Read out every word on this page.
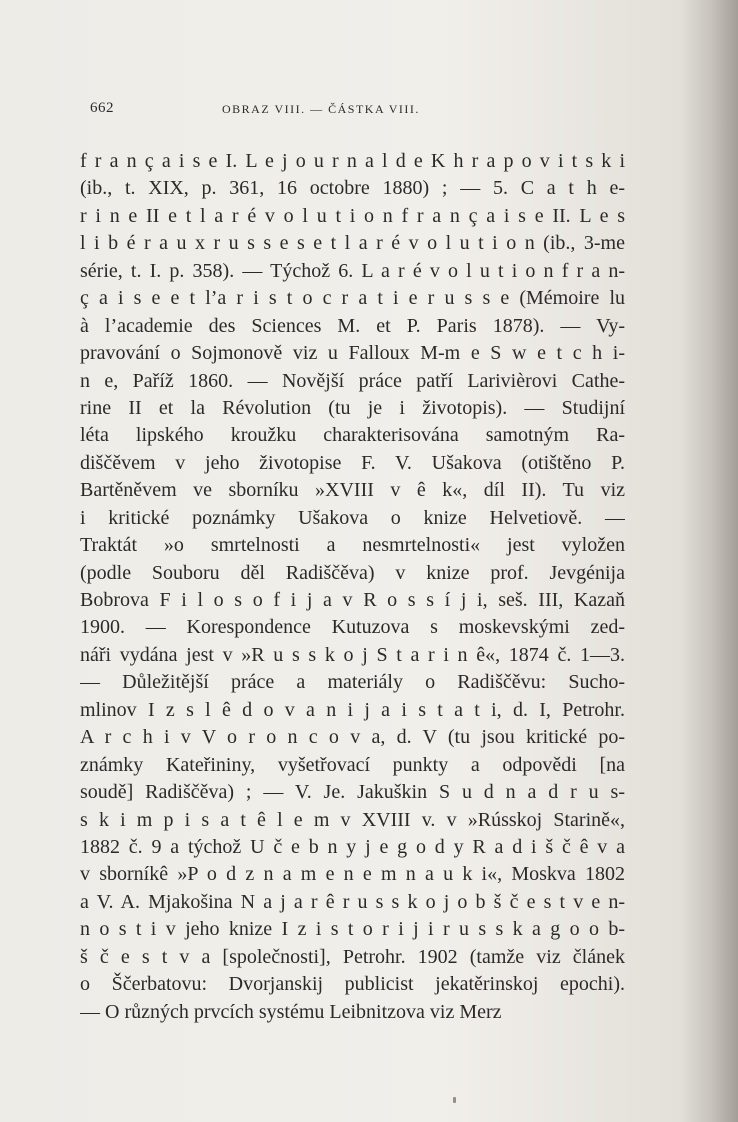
662	OBRAZ VIII. — ČÁSTKA VIII.
f r a n ç a i s e I. L e j o u r n a l d e K h r a p o v i t s k i
(ib., t. XIX, p. 361, 16 octobre 1880) ; — 5. C a t h e-
r i n e II e t l a r é v o l u t i o n f r a n ç a i s e II. L e s
l i b é r a u x r u s s e s e t l a r é v o l u t i o n (ib., 3-me
série, t. I. p. 358). — Týchož 6. L a r é v o l u t i o n f r a n-
ç a i s e e t l’a r i s t o c r a t i e r u s s e (Mémoire lu
à l’academie des Sciences M. et P. Paris 1878). — Vy-
pravování o Sojmonově viz u Falloux M-m e S w e t c h i-
n e, Paříž 1860. — Novější práce patří Larivièrovi Cathe-
rine II et la Révolution (tu je i životopis). — Studijní
léta lipského kroužku charakterisována samotným Ra-
diščěvem v jeho životopise F. V. Ušakova (otištěno P.
Bartěněvem ve sborníku »XVIII v ê k«, díl II). Tu viz
i kritické poznámky Ušakova o knize Helvetiově. —
Traktát »o smrtelnosti a nesmrtelnosti« jest vyložen
(podle Souboru děl Radiščěva) v knize prof. Jevgénija
Bobrova F i l o s o f i j a v R o s s í j i, seš. III, Kazaň
1900. — Korespondence Kutuzova s moskevskými zed-
náři vydána jest v »R u s s k o j S t a r i n ê«, 1874 č. 1—3.
— Důležitější práce a materiály o Radiščěvu: Sucho-
mlinov I z s l ê d o v a n i j a i s t a t i, d. I, Petrohr.
A r c h i v V o r o n c o v a, d. V (tu jsou kritické po-
známky Kateřininy, vyšetřovací punkty a odpovědi [na
soudě] Radiščěva) ; — V. Je. Jakuškin S u d n a d r u s-
s k i m p i s a t ê l e m v XVIII v. v »Rússkoj Starině«,
1882 č. 9 a týchož U č e b n y j e g o d y R a d i š č ê v a
v sborníkê »P o d z n a m e n e m n a u k i«, Moskva 1802
a V. A. Mjakošina N a j a r ê r u s s k o j o b š č e s t v e n-
n o s t i v jeho knize I z i s t o r i j i r u s s k a g o o b-
š č e s t v a [společnosti], Petrohr. 1902 (tamže viz článek
o Ščerbatovu: Dvorjanskij publicist jekatěrinskoj epochi).
— O různých prvcích systému Leibnitzova viz Merz
